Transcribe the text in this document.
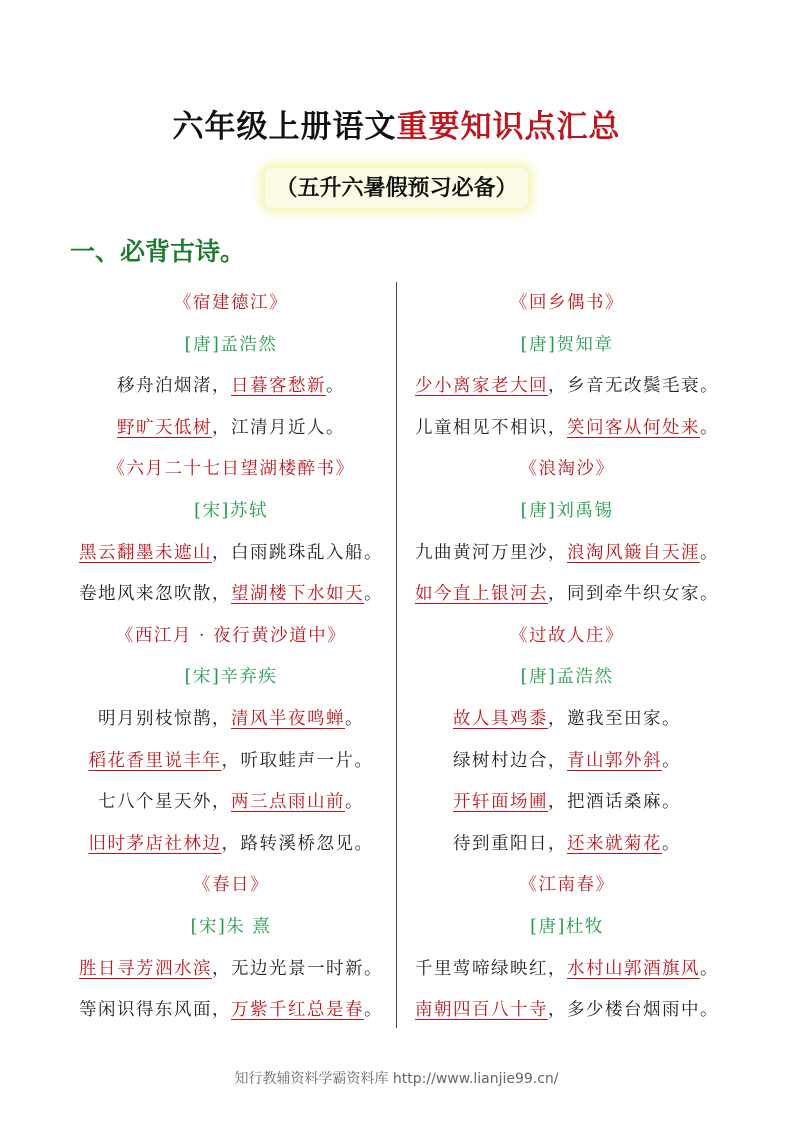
六年级上册语文重要知识点汇总
（五升六暑假预习必备）
一、必背古诗。
《宿建德江》
[唐]孟浩然
移舟泊烟渚，日暮客愁新。
野旷天低树，江清月近人。
《六月二十七日望湖楼醉书》
[宋]苏轼
黑云翻墨未遮山，白雨跳珠乱入船。
卷地风来忽吹散，望湖楼下水如天。
《西江月 · 夜行黄沙道中》
[宋]辛弃疾
明月别枝惊鹊，清风半夜鸣蝉。
稻花香里说丰年，听取蛙声一片。
七八个星天外，两三点雨山前。
旧时茅店社林边，路转溪桥忽见。
《春日》
[宋]朱 熹
胜日寻芳泗水滨，无边光景一时新。
等闲识得东风面，万紫千红总是春。
《回乡偶书》
[唐]贺知章
少小离家老大回，乡音无改鬓毛衰。
儿童相见不相识，笑问客从何处来。
《浪淘沙》
[唐]刘禹锡
九曲黄河万里沙，浪淘风簸自天涯。
如今直上银河去，同到牵牛织女家。
《过故人庄》
[唐]孟浩然
故人具鸡黍，邀我至田家。
绿树村边合，青山郭外斜。
开轩面场圃，把酒话桑麻。
待到重阳日，还来就菊花。
《江南春》
[唐]杜牧
千里莺啼绿映红，水村山郭酒旗风。
南朝四百八十寺，多少楼台烟雨中。
知行教辅资料学霸资料库 http://www.lianjie99.cn/
